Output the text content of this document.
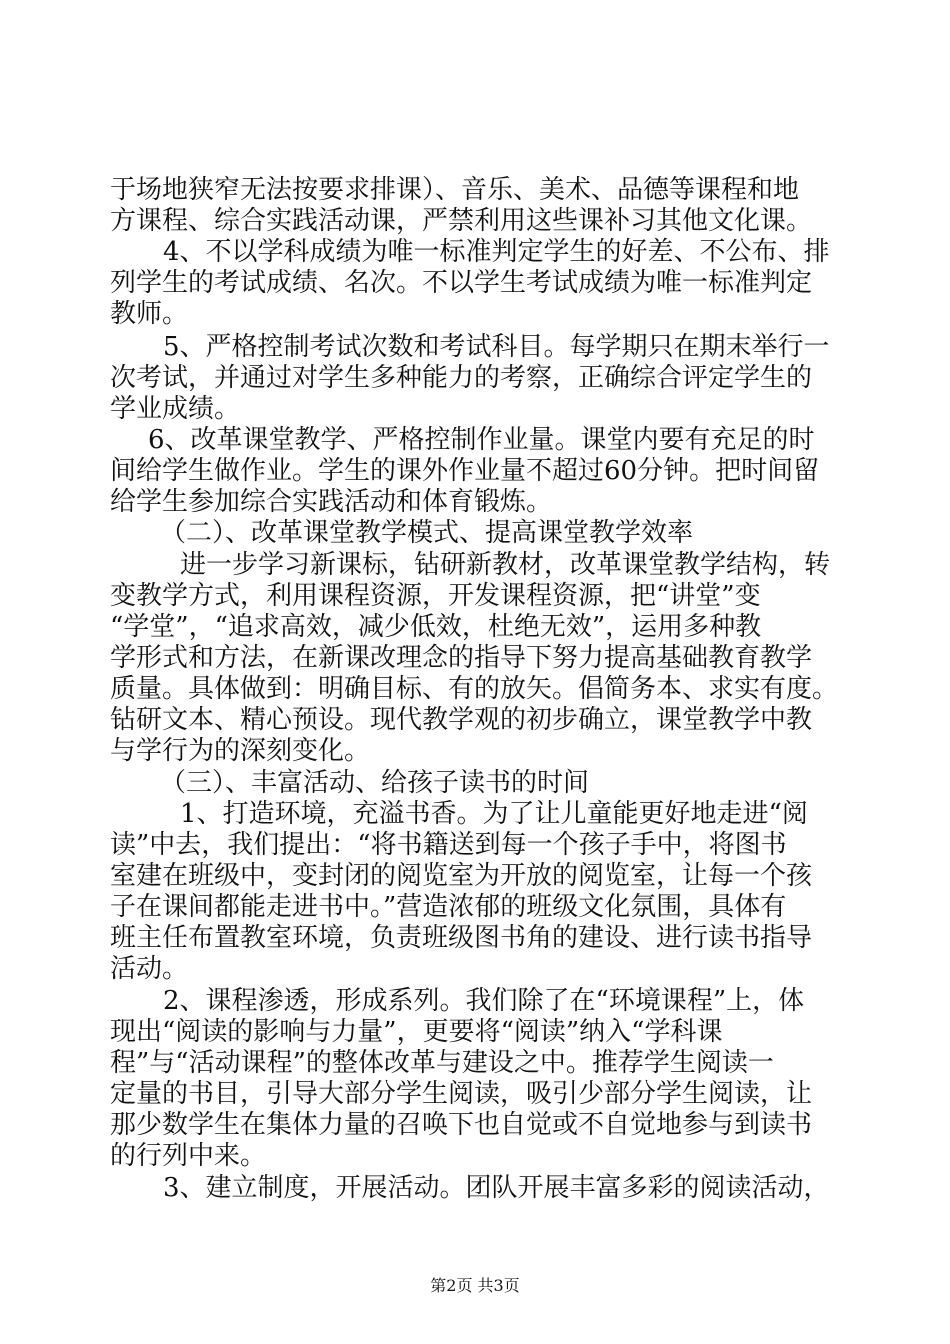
于场地狭窄无法按要求排课）、音乐、美术、品德等课程和地
方课程、综合实践活动课，严禁利用这些课补习其他文化课。
4、不以学科成绩为唯一标准判定学生的好差、不公布、排
列学生的考试成绩、名次。不以学生考试成绩为唯一标准判定
教师。
5、严格控制考试次数和考试科目。每学期只在期末举行一
次考试，并通过对学生多种能力的考察，正确综合评定学生的
学业成绩。
6、改革课堂教学、严格控制作业量。课堂内要有充足的时
间给学生做作业。学生的课外作业量不超过60分钟。把时间留
给学生参加综合实践活动和体育锻炼。
（二）、改革课堂教学模式、提高课堂教学效率
进一步学习新课标，钻研新教材，改革课堂教学结构，转
变教学方式，利用课程资源，开发课程资源，把“讲堂”变
“学堂”，“追求高效，减少低效，杜绝无效”，运用多种教
学形式和方法，在新课改理念的指导下努力提高基础教育教学
质量。具体做到：明确目标、有的放矢。倡简务本、求实有度。
钻研文本、精心预设。现代教学观的初步确立，课堂教学中教
与学行为的深刻变化。
（三）、丰富活动、给孩子读书的时间
1、打造环境，充溢书香。为了让儿童能更好地走进“阅
读”中去，我们提出：“将书籍送到每一个孩子手中，将图书
室建在班级中，变封闭的阅览室为开放的阅览室，让每一个孩
子在课间都能走进书中。”营造浓郁的班级文化氛围，具体有
班主任布置教室环境，负责班级图书角的建设、进行读书指导
活动。
2、课程渗透，形成系列。我们除了在“环境课程”上，体
现出“阅读的影响与力量”，更要将“阅读”纳入“学科课
程”与“活动课程”的整体改革与建设之中。推荐学生阅读一
定量的书目，引导大部分学生阅读，吸引少部分学生阅读，让
那少数学生在集体力量的召唤下也自觉或不自觉地参与到读书
的行列中来。
3、建立制度，开展活动。团队开展丰富多彩的阅读活动，
第2页 共3页
